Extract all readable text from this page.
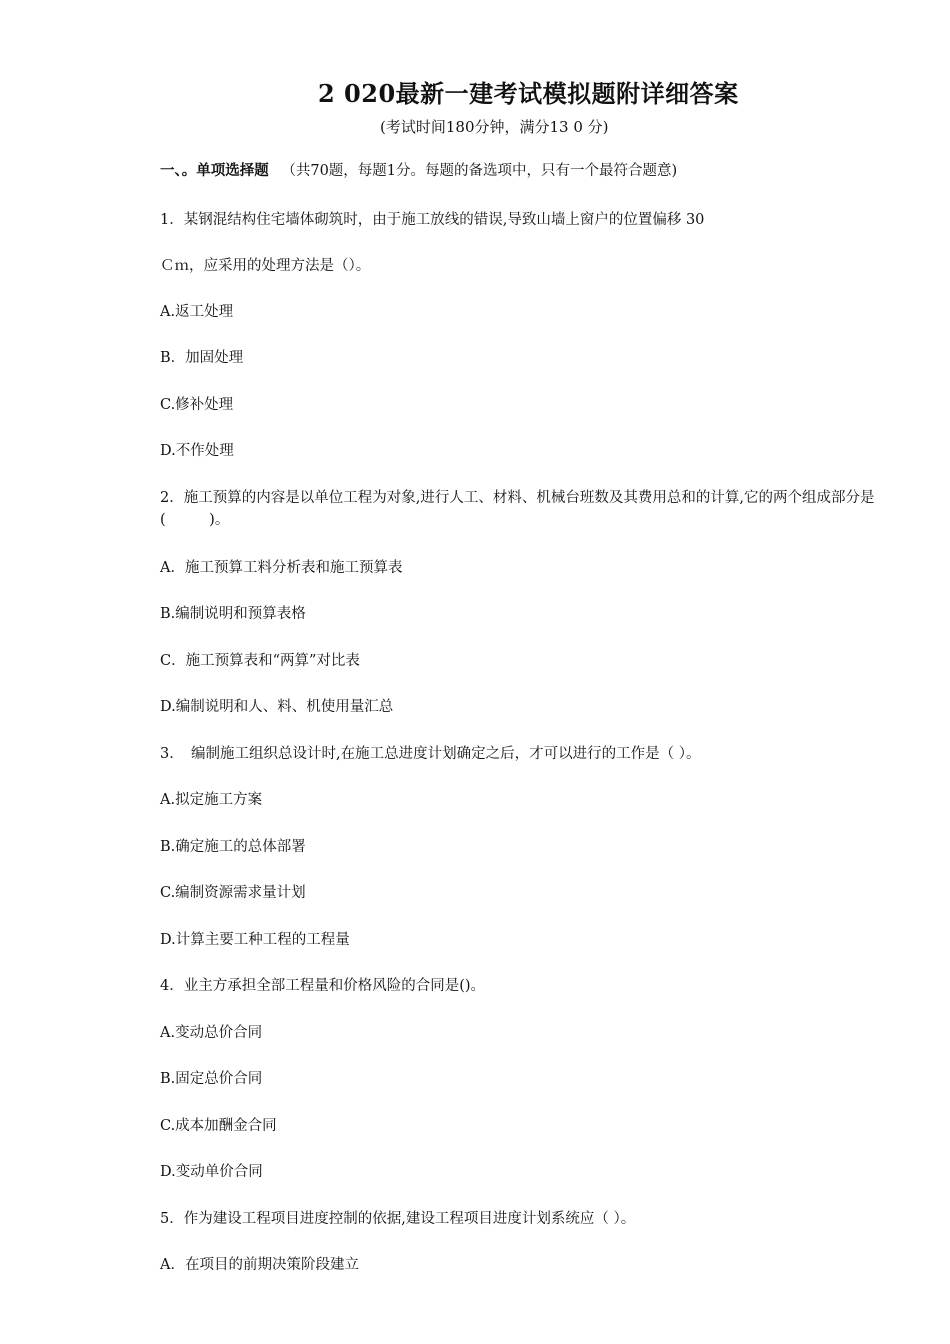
2 020最新一建考试模拟题附详细答案
(考试时间180分钟，满分13 0 分)
一、。单项选择题 （共70题，每题1分。每题的备选项中，只有一个最符合题意)
1．某钢混结构住宅墙体砌筑时，由于施工放线的错误,导致山墙上窗户的位置偏移 30
Ｃｍ，应采用的处理方法是（）。
A.返工处理
B．加固处理
C.修补处理
D.不作处理
2．施工预算的内容是以单位工程为对象,进行人工、材料、机械台班数及其费用总和的计算,它的两个组成部分是(　　　)。
A．施工预算工料分析表和施工预算表
B.编制说明和预算表格
C．施工预算表和“两算”对比表
D.编制说明和人、料、机使用量汇总
3．　编制施工组织总设计时,在施工总进度计划确定之后，才可以进行的工作是（ ）。
A.拟定施工方案
B.确定施工的总体部署
C.编制资源需求量计划
D.计算主要工种工程的工程量
4．业主方承担全部工程量和价格风险的合同是()。
A.变动总价合同
B.固定总价合同
C.成本加酬金合同
D.变动单价合同
5．作为建设工程项目进度控制的依据,建设工程项目进度计划系统应（ ）。
A．在项目的前期决策阶段建立
